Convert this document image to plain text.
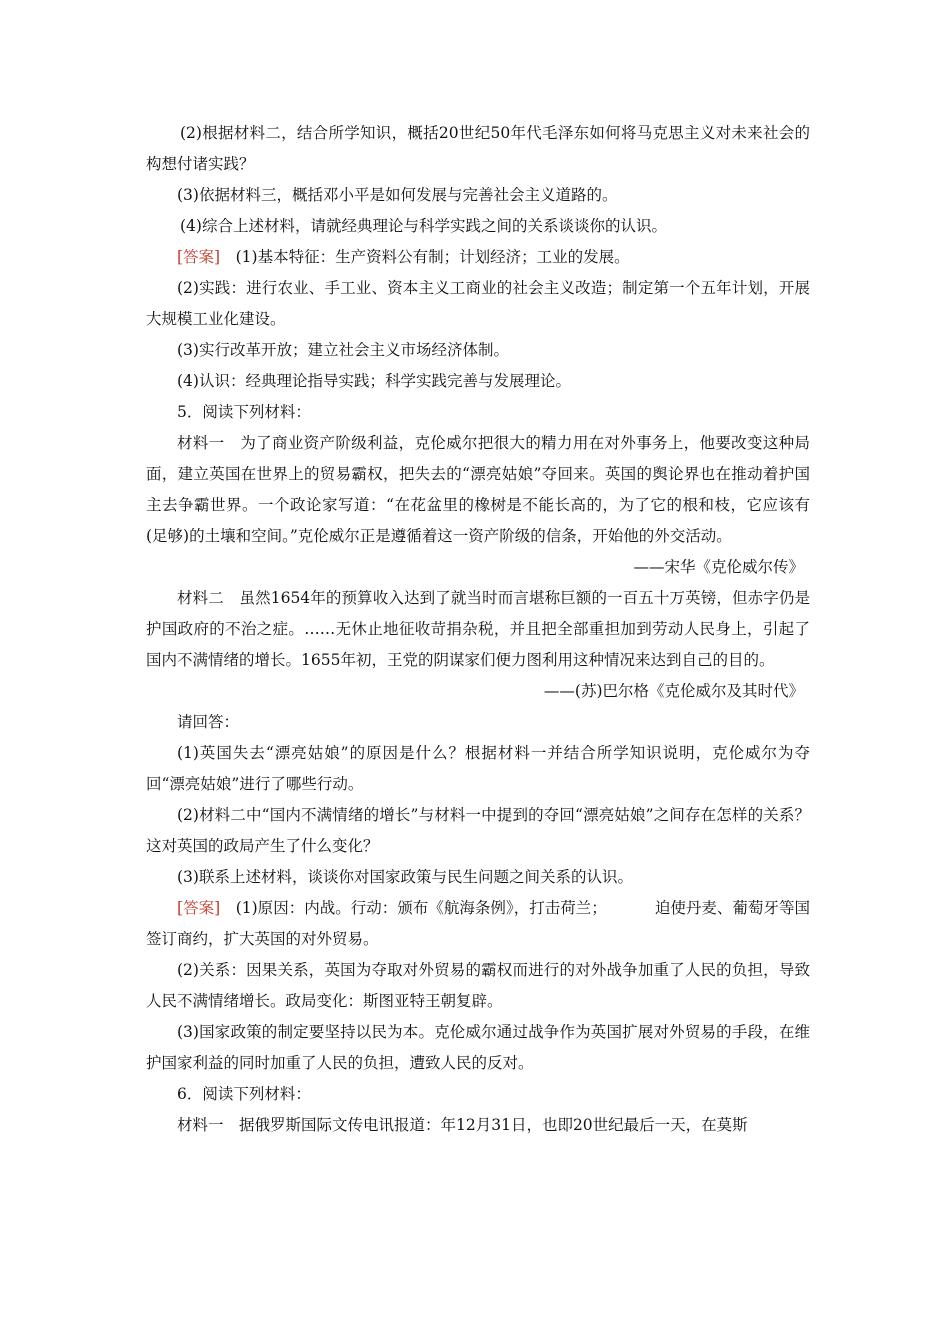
(2)根据材料二，结合所学知识，概括20世纪50年代毛泽东如何将马克思主义对未来社会的构想付诸实践？

(3)依据材料三，概括邓小平是如何发展与完善社会主义道路的。

(4)综合上述材料，请就经典理论与科学实践之间的关系谈谈你的认识。

[答案]　 (1)基本特征：生产资料公有制；计划经济；工业的发展。

(2)实践：进行农业、手工业、资本主义工商业的社会主义改造；制定第一个五年计划，开展大规模工业化建设。

(3)实行改革开放；建立社会主义市场经济体制。

(4)认识：经典理论指导实践；科学实践完善与发展理论。

5．阅读下列材料：

材料一　为了商业资产阶级利益，克伦威尔把很大的精力用在对外事务上，他要改变这种局面，建立英国在世界上的贸易霸权，把失去的“漂亮姑娘”夺回来。英国的舆论界也在推动着护国主去争霸世界。一个政论家写道：“在花盆里的橡树是不能长高的，为了它的根和枝，它应该有(足够)的土壤和空间。”克伦威尔正是遵循着这一资产阶级的信条，开始他的外交活动。

——宋华《克伦威尔传》

材料二　虽然1654年的预算收入达到了就当时而言堪称巨额的一百五十万英镑，但赤字仍是护国政府的不治之症。……无休止地征收苛捐杂税，并且把全部重担加到劳动人民身上，引起了国内不满情绪的增长。1655年初，王党的阴谋家们便力图利用这种情况来达到自己的目的。

——(苏)巴尔格《克伦威尔及其时代》

请回答：

(1)英国失去“漂亮姑娘”的原因是什么？根据材料一并结合所学知识说明，克伦威尔为夺回“漂亮姑娘”进行了哪些行动。

(2)材料二中“国内不满情绪的增长”与材料一中提到的夺回“漂亮姑娘”之间存在怎样的关系？这对英国的政局产生了什么变化？

(3)联系上述材料，谈谈你对国家政策与民生问题之间关系的认识。

[答案]　 (1)原因：内战。行动：颁布《航海条例》，打击荷兰；	迫使丹麦、葡萄牙等国签订商约，扩大英国的对外贸易。

(2)关系：因果关系，英国为夺取对外贸易的霸权而进行的对外战争加重了人民的负担，导致人民不满情绪增长。政局变化：斯图亚特王朝复辟。

(3)国家政策的制定要坚持以民为本。克伦威尔通过战争作为英国扩展对外贸易的手段，在维护国家利益的同时加重了人民的负担，遭致人民的反对。

6．阅读下列材料：

材料一　据俄罗斯国际文传电讯报道：年12月31日，也即20世纪最后一天，在莫斯
